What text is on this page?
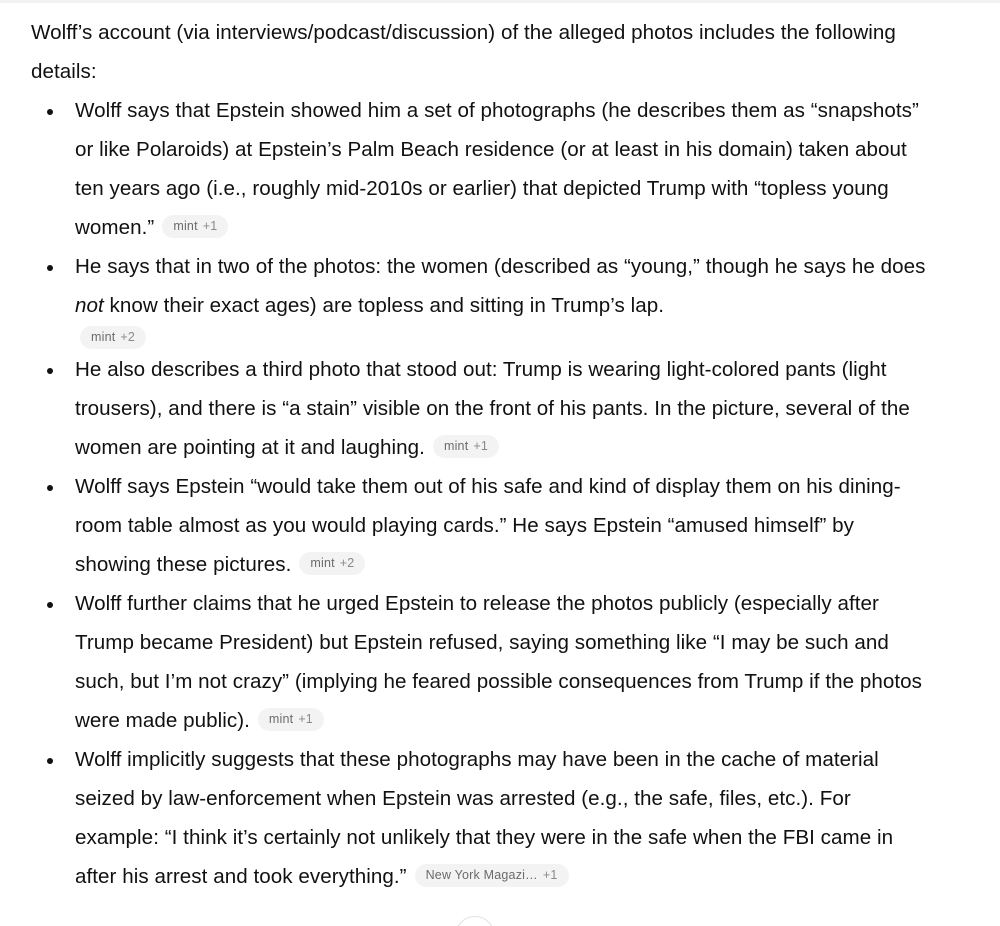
Wolff’s account (via interviews/podcast/discussion) of the alleged photos includes the following details:

Wolff says that Epstein showed him a set of photographs (he describes them as “snapshots” or like Polaroids) at Epstein’s Palm Beach residence (or at least in his domain) taken about ten years ago (i.e., roughly mid-2010s or earlier) that depicted Trump with “topless young women.” mint +1
He says that in two of the photos: the women (described as “young,” though he says he does not know their exact ages) are topless and sitting in Trump’s lap.
mint +2
He also describes a third photo that stood out: Trump is wearing light-colored pants (light trousers), and there is “a stain” visible on the front of his pants. In the picture, several of the women are pointing at it and laughing. mint +1
Wolff says Epstein “would take them out of his safe and kind of display them on his dining-room table almost as you would playing cards.” He says Epstein “amused himself” by showing these pictures. mint +2
Wolff further claims that he urged Epstein to release the photos publicly (especially after Trump became President) but Epstein refused, saying something like “I may be such and such, but I’m not crazy” (implying he feared possible consequences from Trump if the photos were made public). mint +1
Wolff implicitly suggests that these photographs may have been in the cache of material seized by law-enforcement when Epstein was arrested (e.g., the safe, files, etc.). For example: “I think it’s certainly not unlikely that they were in the safe when the FBI came in after his arrest and took everything.” New York Magazi… +1
